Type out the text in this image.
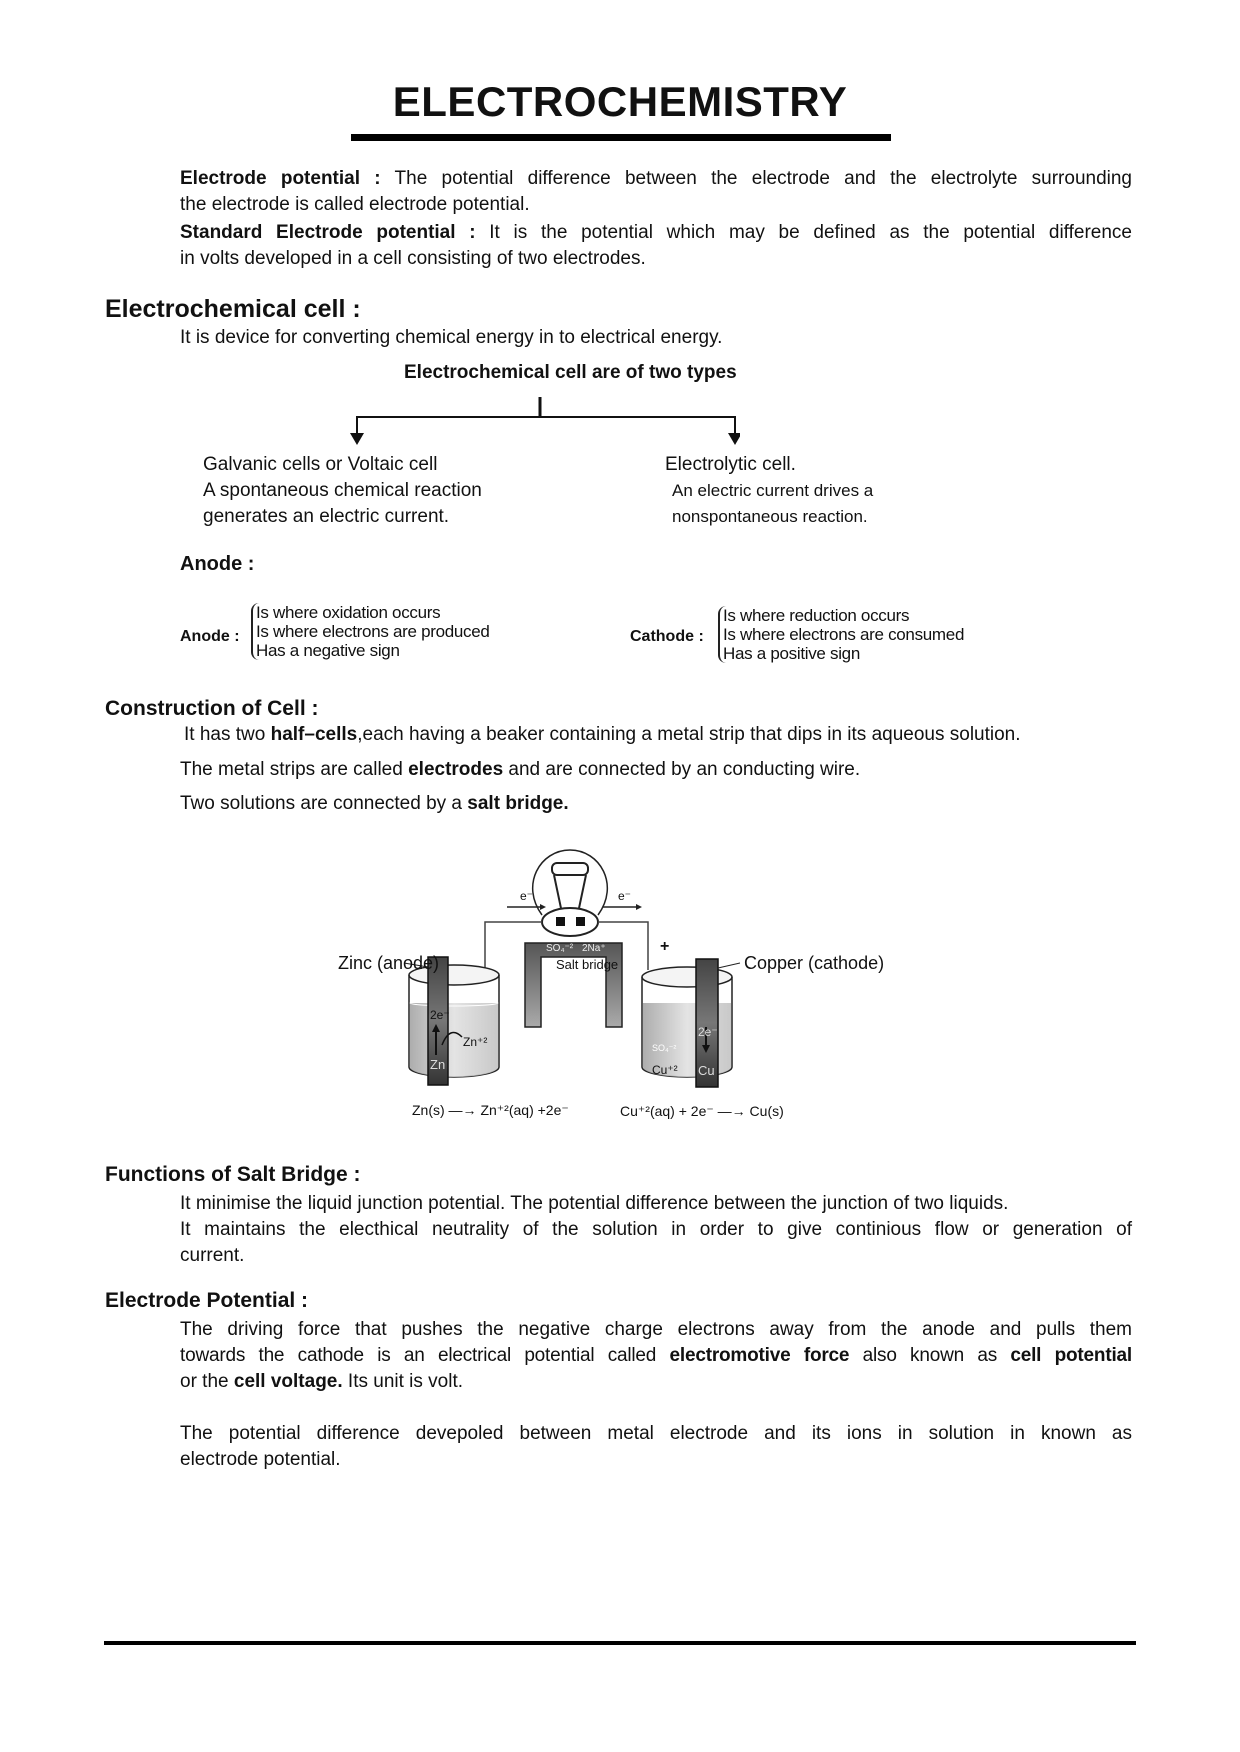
ELECTROCHEMISTRY
Electrode potential : The potential difference between the electrode and the electrolyte surrounding
the electrode is called electrode potential.
Standard Electrode potential : It is the potential which may be defined as the potential difference
in volts developed in a cell consisting of two electrodes.
Electrochemical cell :
It is device for converting chemical energy in to electrical energy.
Electrochemical cell are of two types
Galvanic cells or Voltaic cell
A spontaneous chemical reaction
generates an electric current.
Electrolytic cell.
An electric current drives a
nonspontaneous reaction.
Anode :
Anode :
Is where oxidation occurs
Is where electrons are produced
Has a negative sign
Cathode :
Is where reduction occurs
Is where electrons are consumed
Has a positive sign
Construction of Cell :
It has two half–cells,each having a beaker containing a metal strip that dips in its aqueous solution.
The metal strips are called electrodes and are connected by an conducting wire.
Two solutions are connected by a salt bridge.
Zinc (anode)	Copper (cathode)
Salt bridge
e⁻	e⁻
SO₄⁻² 2Na⁺	+
2e⁻
Zn
Zn⁺²
2e⁻
Cu
Cu⁺²
SO₄⁻²
Zn(s) —→ Zn⁺²(aq) +2e⁻	Cu⁺²(aq) + 2e⁻ —→ Cu(s)
Functions of Salt Bridge :
It minimise the liquid junction potential. The potential difference between the junction of two liquids.
It maintains the electhical neutrality of the solution in order to give continious flow or generation of
current.
Electrode Potential :
The driving force that pushes the negative charge electrons away from the anode and pulls them
towards the cathode is an electrical potential called electromotive force also known as cell potential
or the cell voltage. Its unit is volt.
The potential difference devepoled between metal electrode and its ions in solution in known as
electrode potential.
